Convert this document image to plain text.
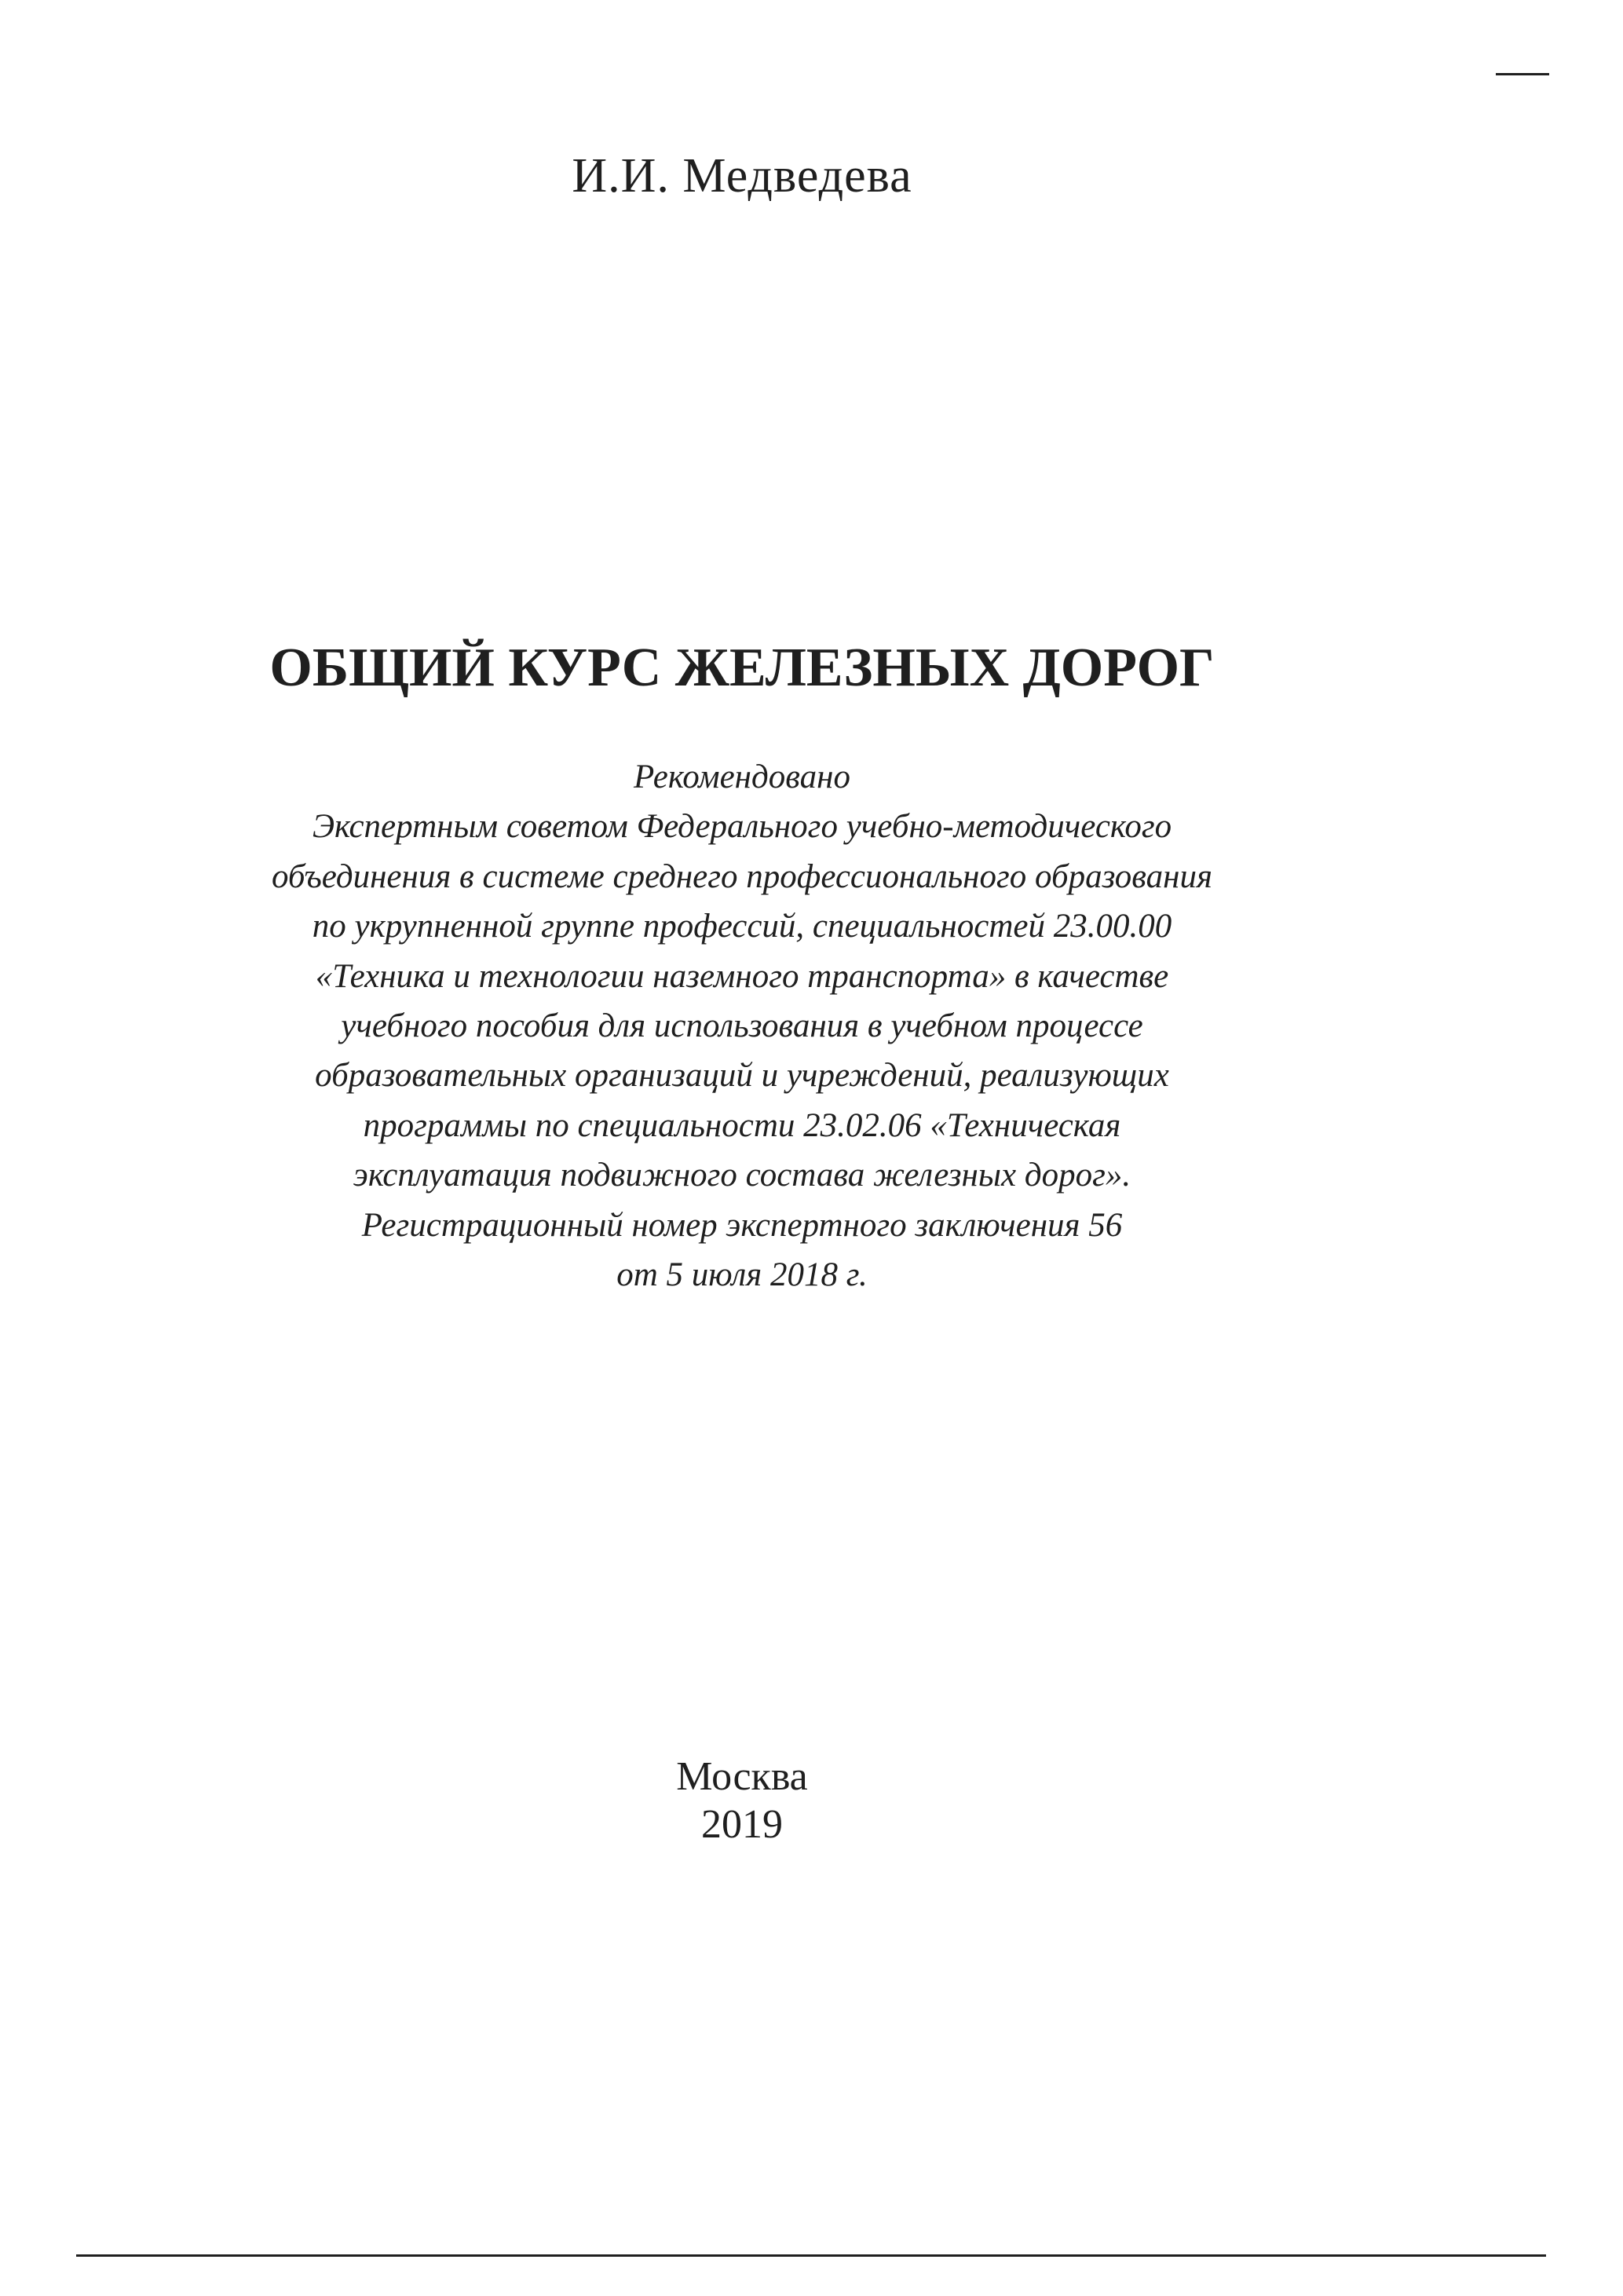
И.И. Медведева
ОБЩИЙ КУРС ЖЕЛЕЗНЫХ ДОРОГ
Рекомендовано
Экспертным советом Федерального учебно-методического
объединения в системе среднего профессионального образования
по укрупненной группе профессий, специальностей 23.00.00
«Техника и технологии наземного транспорта» в качестве
учебного пособия для использования в учебном процессе
образовательных организаций и учреждений, реализующих
программы по специальности 23.02.06 «Техническая
эксплуатация подвижного состава железных дорог».
Регистрационный номер экспертного заключения 56
от 5 июля 2018 г.
Москва
2019
